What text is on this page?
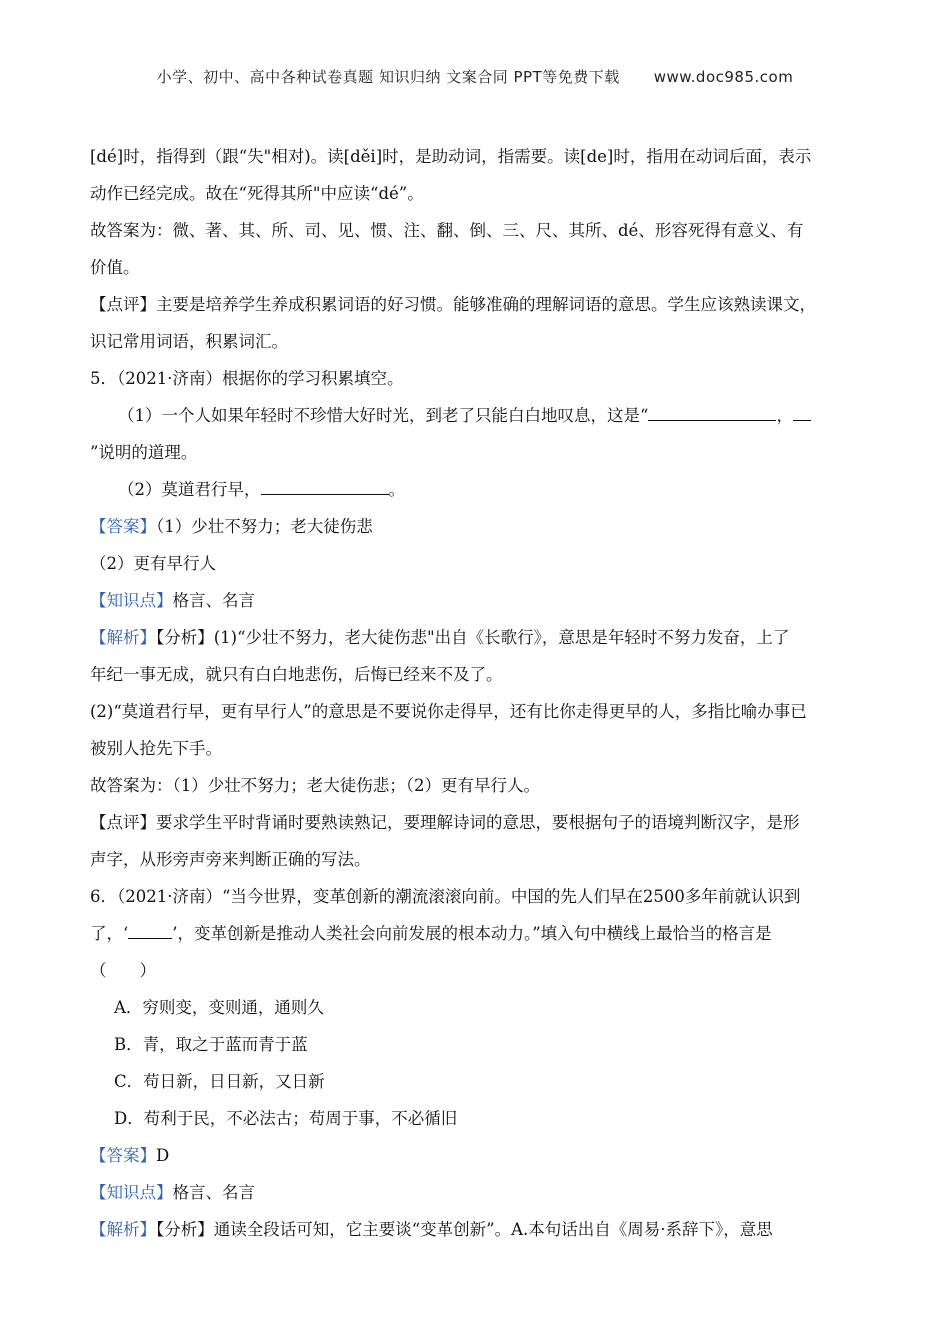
小学、初中、高中各种试卷真题 知识归纳 文案合同 PPT等免费下载 www.doc985.com

[dé]时，指得到（跟“失"相对)。读[děi]时，是助动词，指需要。读[de]时，指用在动词后面，表示

动作已经完成。故在“死得其所"中应读“dé”。

故答案为：微、著、其、所、司、见、惯、注、翻、倒、三、尺、其所、dé、形容死得有意义、有

价值。

【点评】主要是培养学生养成积累词语的好习惯。能够准确的理解词语的意思。学生应该熟读课文，

识记常用词语，积累词汇。

5．（2021·济南）根据你的学习积累填空。

（1）一个人如果年轻时不珍惜大好时光，到老了只能白白地叹息，这是“	，

”说明的道理。

（2）莫道君行早，	。

【答案】（1）少壮不努力；老大徒伤悲

（2）更有早行人

【知识点】格言、名言

【解析】【分析】(1)“少壮不努力，老大徒伤悲"出自《长歌行》，意思是年轻时不努力发奋，上了

年纪一事无成，就只有白白地悲伤，后悔已经来不及了。

(2)“莫道君行早，更有早行人”的意思是不要说你走得早，还有比你走得更早的人，多指比喻办事已

被别人抢先下手。

故答案为：（1）少壮不努力；老大徒伤悲；（2）更有早行人。

【点评】要求学生平时背诵时要熟读熟记，要理解诗词的意思，要根据句子的语境判断汉字，是形

声字，从形旁声旁来判断正确的写法。

6．（2021·济南）“当今世界，变革创新的潮流滚滚向前。中国的先人们早在2500多年前就认识到

了，‘	’，变革创新是推动人类社会向前发展的根本动力。”填入句中横线上最恰当的格言是

（　　）

A．穷则变，变则通，通则久

B．青，取之于蓝而青于蓝

C．苟日新，日日新，又日新

D．苟利于民，不必法古；苟周于事，不必循旧

【答案】D

【知识点】格言、名言

【解析】【分析】通读全段话可知，它主要谈“变革创新”。A.本句话出自《周易·系辞下》，意思
